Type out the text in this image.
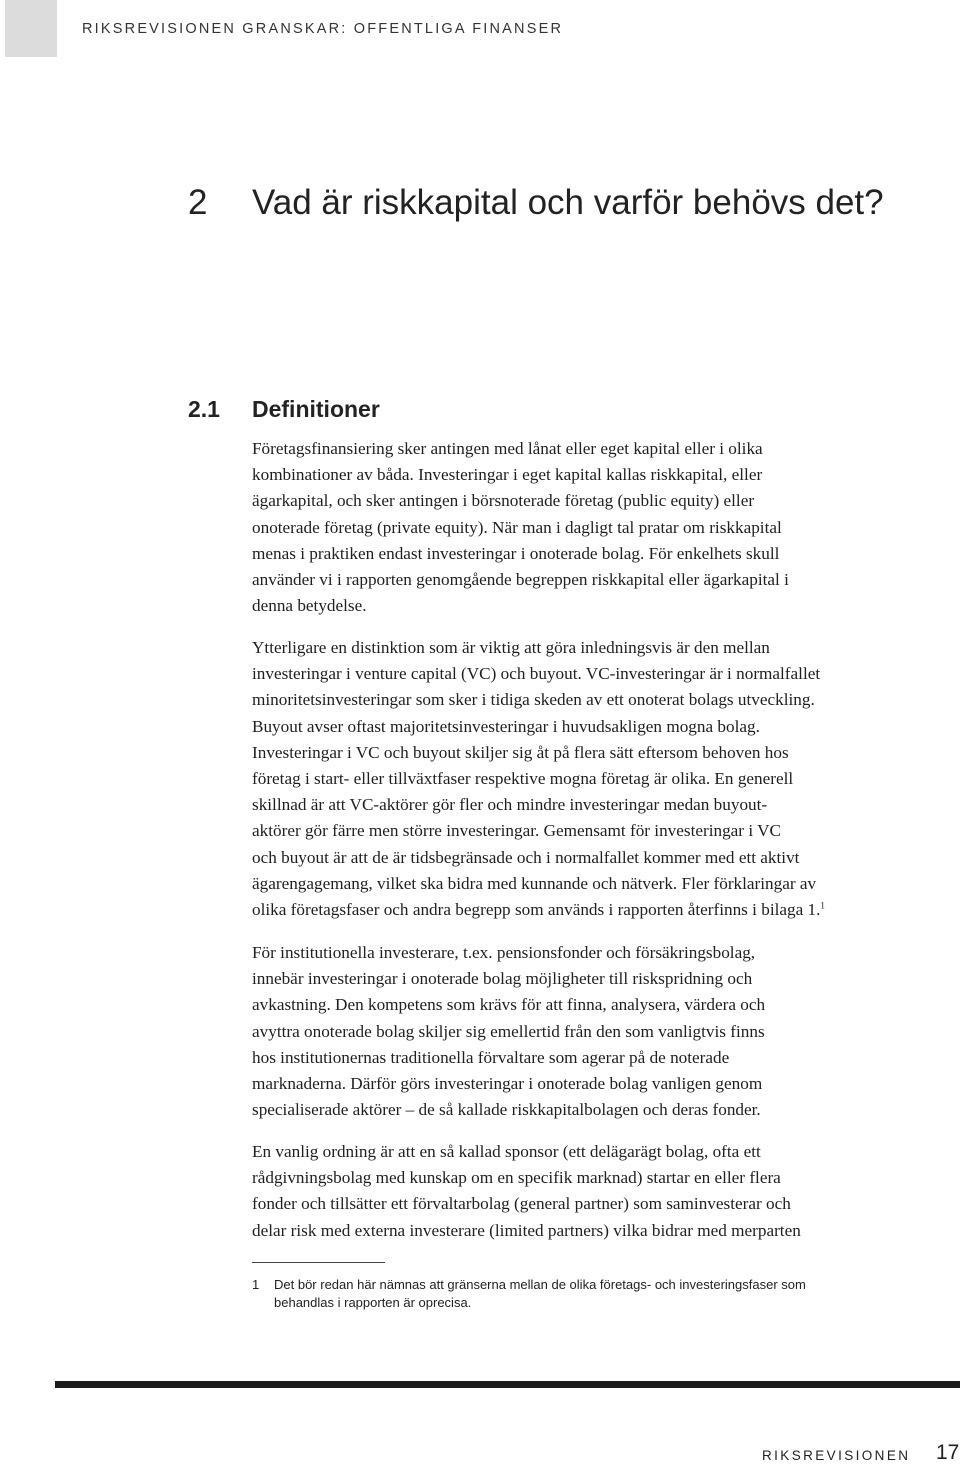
RIKSREVISIONEN GRANSKAR: OFFENTLIGA FINANSER
2 Vad är riskkapital och varför behövs det?
2.1 Definitioner

Företagsfinansiering sker antingen med lånat eller eget kapital eller i olika
kombinationer av båda. Investeringar i eget kapital kallas riskkapital, eller
ägarkapital, och sker antingen i börsnoterade företag (public equity) eller
onoterade företag (private equity). När man i dagligt tal pratar om riskkapital
menas i praktiken endast investeringar i onoterade bolag. För enkelhets skull
använder vi i rapporten genomgående begreppen riskkapital eller ägarkapital i
denna betydelse.

Ytterligare en distinktion som är viktig att göra inledningsvis är den mellan
investeringar i venture capital (VC) och buyout. VC-investeringar är i normalfallet
minoritetsinvesteringar som sker i tidiga skeden av ett onoterat bolags utveckling.
Buyout avser oftast majoritetsinvesteringar i huvudsakligen mogna bolag.
Investeringar i VC och buyout skiljer sig åt på flera sätt eftersom behoven hos
företag i start- eller tillväxtfaser respektive mogna företag är olika. En generell
skillnad är att VC-aktörer gör fler och mindre investeringar medan buyout-
aktörer gör färre men större investeringar. Gemensamt för investeringar i VC
och buyout är att de är tidsbegränsade och i normalfallet kommer med ett aktivt
ägarengagemang, vilket ska bidra med kunnande och nätverk. Fler förklaringar av
olika företagsfaser och andra begrepp som används i rapporten återfinns i bilaga 1.$^1$

För institutionella investerare, t.ex. pensionsfonder och försäkringsbolag,
innebär investeringar i onoterade bolag möjligheter till riskspridning och
avkastning. Den kompetens som krävs för att finna, analysera, värdera och
avyttra onoterade bolag skiljer sig emellertid från den som vanligtvis finns
hos institutionernas traditionella förvaltare som agerar på de noterade
marknaderna. Därför görs investeringar i onoterade bolag vanligen genom
specialiserade aktörer – de så kallade riskkapitalbolagen och deras fonder.

En vanlig ordning är att en så kallad sponsor (ett delägarägt bolag, ofta ett
rådgivningsbolag med kunskap om en specifik marknad) startar en eller flera
fonder och tillsätter ett förvaltarbolag (general partner) som saminvesterar och
delar risk med externa investerare (limited partners) vilka bidrar med merparten

1 Det bör redan här nämnas att gränserna mellan de olika företags- och investeringsfaser som
behandlas i rapporten är oprecisa.
RIKSREVISIONEN 17
